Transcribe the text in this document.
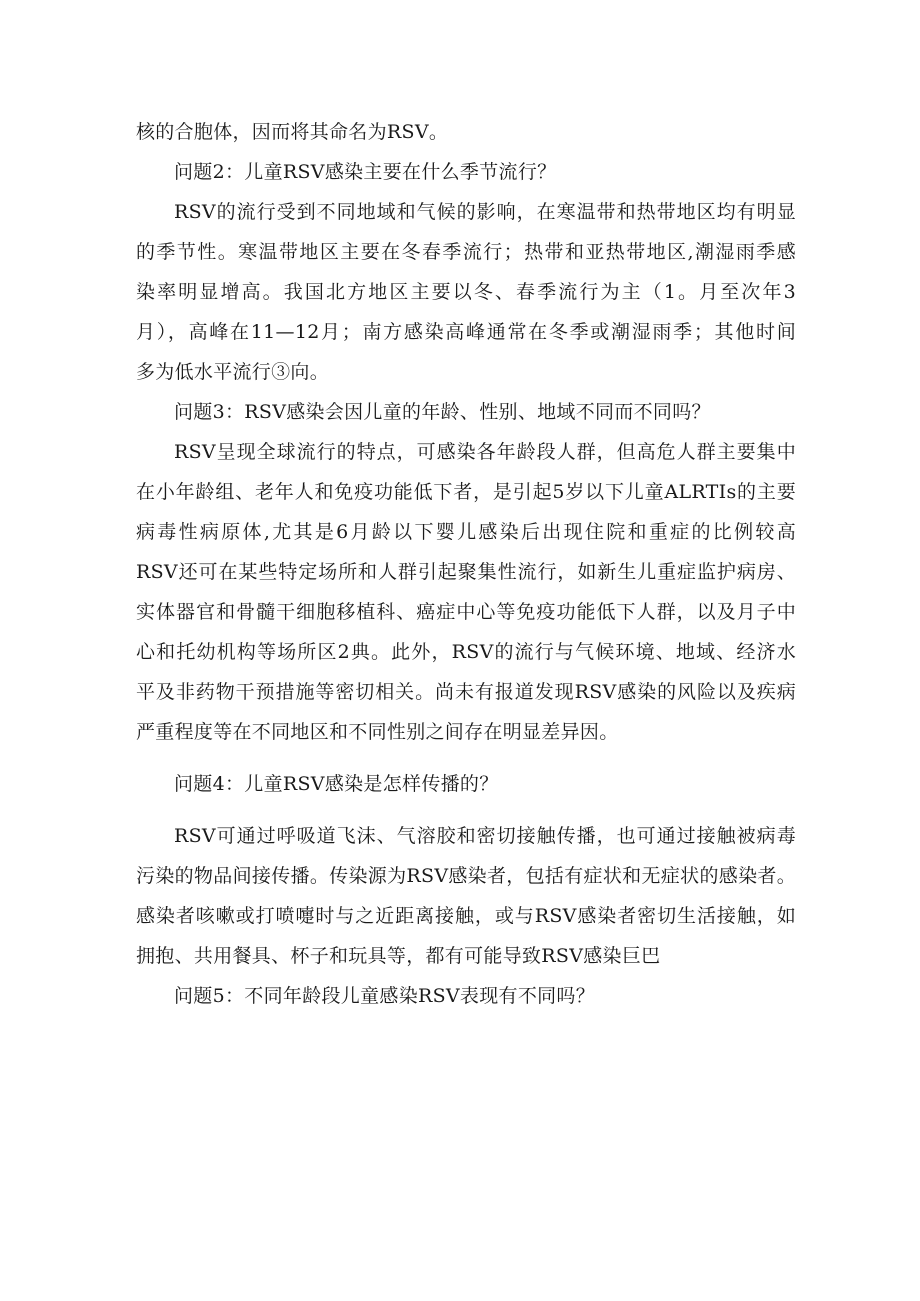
核的合胞体，因而将其命名为RSV。
问题2：儿童RSV感染主要在什么季节流行？
RSV的流行受到不同地域和气候的影响，在寒温带和热带地区均有明显
的季节性。寒温带地区主要在冬春季流行；热带和亚热带地区,潮湿雨季感
染率明显增高。我国北方地区主要以冬、春季流行为主（1。月至次年3
月），高峰在11—12月；南方感染高峰通常在冬季或潮湿雨季；其他时间
多为低水平流行③向。
问题3：RSV感染会因儿童的年龄、性别、地域不同而不同吗？
RSV呈现全球流行的特点，可感染各年龄段人群，但高危人群主要集中
在小年龄组、老年人和免疫功能低下者，是引起5岁以下儿童ALRTIs的主要
病毒性病原体,尤其是6月龄以下婴儿感染后出现住院和重症的比例较高
RSV还可在某些特定场所和人群引起聚集性流行，如新生儿重症监护病房、
实体器官和骨髓干细胞移植科、癌症中心等免疫功能低下人群，以及月子中
心和托幼机构等场所区2典。此外，RSV的流行与气候环境、地域、经济水
平及非药物干预措施等密切相关。尚未有报道发现RSV感染的风险以及疾病
严重程度等在不同地区和不同性别之间存在明显差异因。
问题4：儿童RSV感染是怎样传播的？
RSV可通过呼吸道飞沫、气溶胶和密切接触传播，也可通过接触被病毒
污染的物品间接传播。传染源为RSV感染者，包括有症状和无症状的感染者。
感染者咳嗽或打喷嚏时与之近距离接触，或与RSV感染者密切生活接触，如
拥抱、共用餐具、杯子和玩具等，都有可能导致RSV感染巨巴
问题5：不同年龄段儿童感染RSV表现有不同吗？
